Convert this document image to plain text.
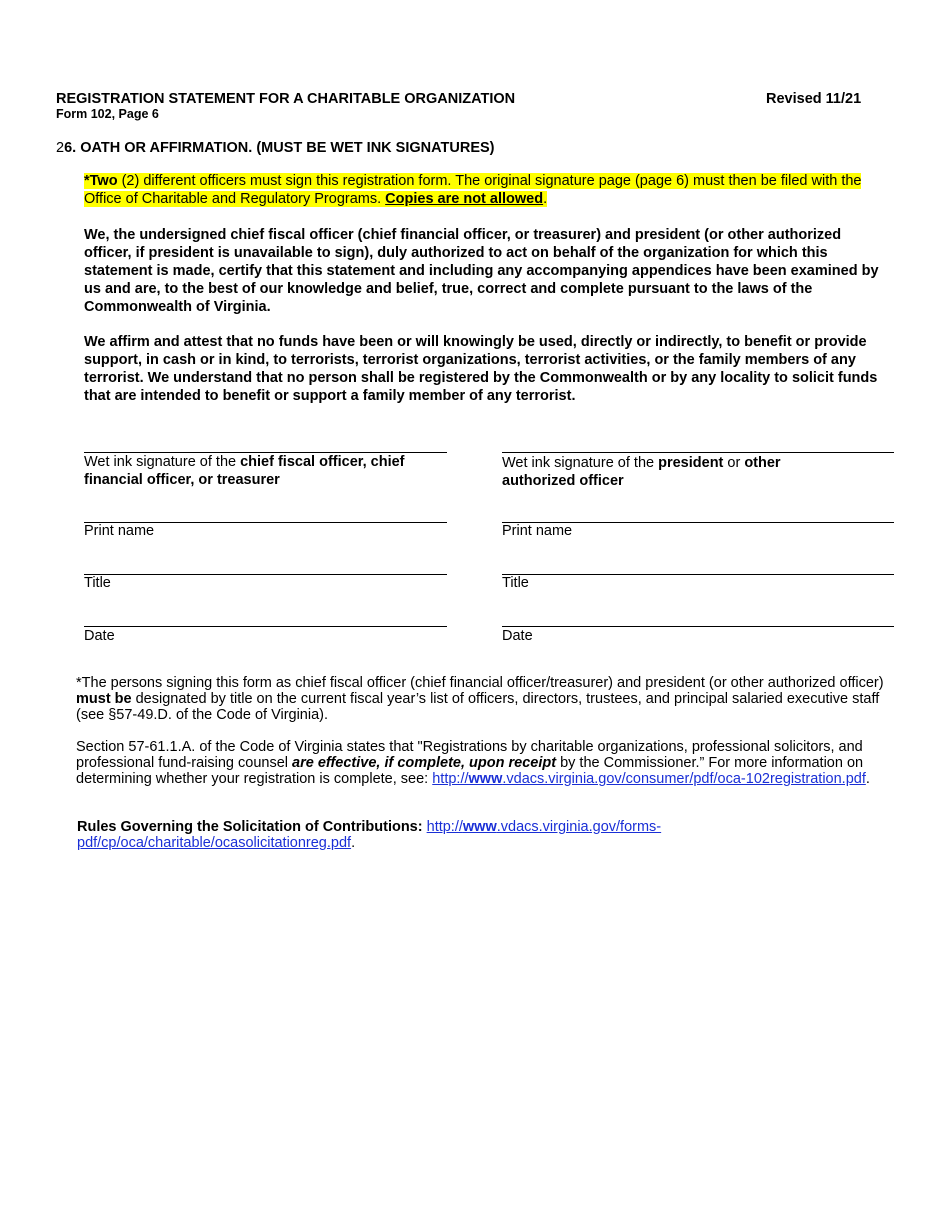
REGISTRATION STATEMENT FOR A CHARITABLE ORGANIZATION
Form 102, Page 6
Revised 11/21
26. OATH OR AFFIRMATION. (MUST BE WET INK SIGNATURES)
*Two (2) different officers must sign this registration form. The original signature page (page 6) must then be filed with the Office of Charitable and Regulatory Programs. Copies are not allowed.
We, the undersigned chief fiscal officer (chief financial officer, or treasurer) and president (or other authorized officer, if president is unavailable to sign), duly authorized to act on behalf of the organization for which this statement is made, certify that this statement and including any accompanying appendices have been examined by us and are, to the best of our knowledge and belief, true, correct and complete pursuant to the laws of the Commonwealth of Virginia.
We affirm and attest that no funds have been or will knowingly be used, directly or indirectly, to benefit or provide support, in cash or in kind, to terrorists, terrorist organizations, terrorist activities, or the family members of any terrorist. We understand that no person shall be registered by the Commonwealth or by any locality to solicit funds that are intended to benefit or support a family member of any terrorist.
Wet ink signature of the chief fiscal officer, chief financial officer, or treasurer
Print name
Title
Date
Wet ink signature of the president or other authorized officer
Print name
Title
Date
*The persons signing this form as chief fiscal officer (chief financial officer/treasurer) and president (or other authorized officer) must be designated by title on the current fiscal year’s list of officers, directors, trustees, and principal salaried executive staff (see §57-49.D. of the Code of Virginia).
Section 57-61.1.A. of the Code of Virginia states that "Registrations by charitable organizations, professional solicitors, and professional fund-raising counsel are effective, if complete, upon receipt by the Commissioner.” For more information on determining whether your registration is complete, see: http://www.vdacs.virginia.gov/consumer/pdf/oca-102registration.pdf.
Rules Governing the Solicitation of Contributions: http://www.vdacs.virginia.gov/forms-pdf/cp/oca/charitable/ocasolicitationreg.pdf.
